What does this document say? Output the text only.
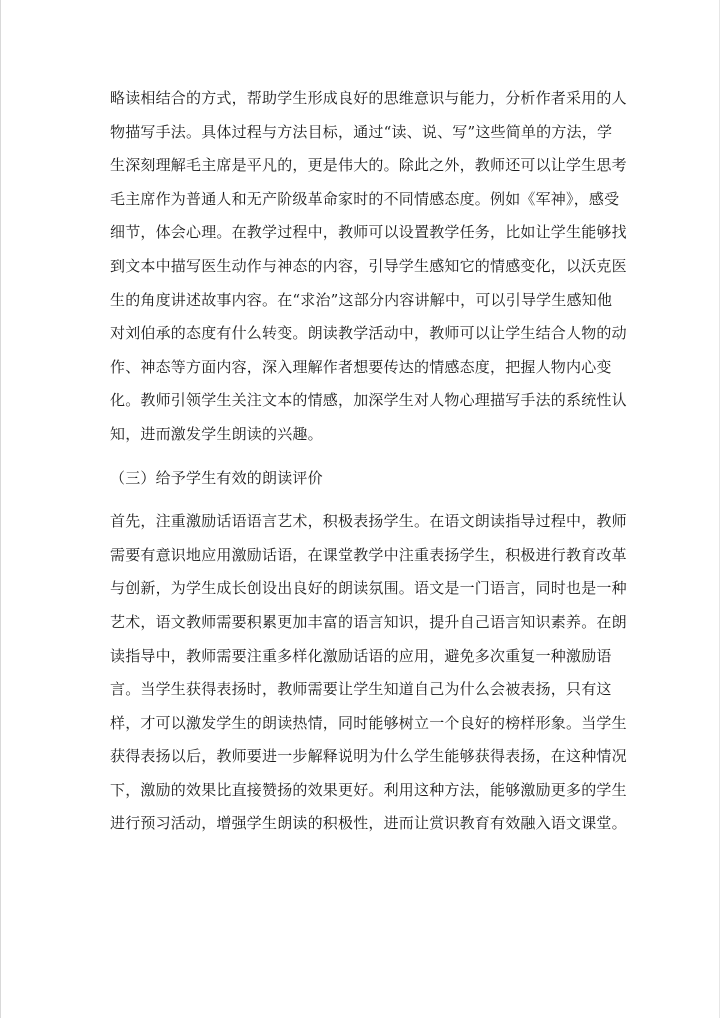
略读相结合的方式，帮助学生形成良好的思维意识与能力，分析作者采用的人
物描写手法。具体过程与方法目标，通过“读、说、写”这些简单的方法，学
生深刻理解毛主席是平凡的，更是伟大的。除此之外，教师还可以让学生思考
毛主席作为普通人和无产阶级革命家时的不同情感态度。例如《军神》，感受
细节，体会心理。在教学过程中，教师可以设置教学任务，比如让学生能够找
到文本中描写医生动作与神态的内容，引导学生感知它的情感变化，以沃克医
生的角度讲述故事内容。在“求治”这部分内容讲解中，可以引导学生感知他
对刘伯承的态度有什么转变。朗读教学活动中，教师可以让学生结合人物的动
作、神态等方面内容，深入理解作者想要传达的情感态度，把握人物内心变
化。教师引领学生关注文本的情感，加深学生对人物心理描写手法的系统性认
知，进而激发学生朗读的兴趣。
（三）给予学生有效的朗读评价
首先，注重激励话语语言艺术，积极表扬学生。在语文朗读指导过程中，教师
需要有意识地应用激励话语，在课堂教学中注重表扬学生，积极进行教育改革
与创新，为学生成长创设出良好的朗读氛围。语文是一门语言，同时也是一种
艺术，语文教师需要积累更加丰富的语言知识，提升自己语言知识素养。在朗
读指导中，教师需要注重多样化激励话语的应用，避免多次重复一种激励语
言。当学生获得表扬时，教师需要让学生知道自己为什么会被表扬，只有这
样，才可以激发学生的朗读热情，同时能够树立一个良好的榜样形象。当学生
获得表扬以后，教师要进一步解释说明为什么学生能够获得表扬，在这种情况
下，激励的效果比直接赞扬的效果更好。利用这种方法，能够激励更多的学生
进行预习活动，增强学生朗读的积极性，进而让赏识教育有效融入语文课堂。
